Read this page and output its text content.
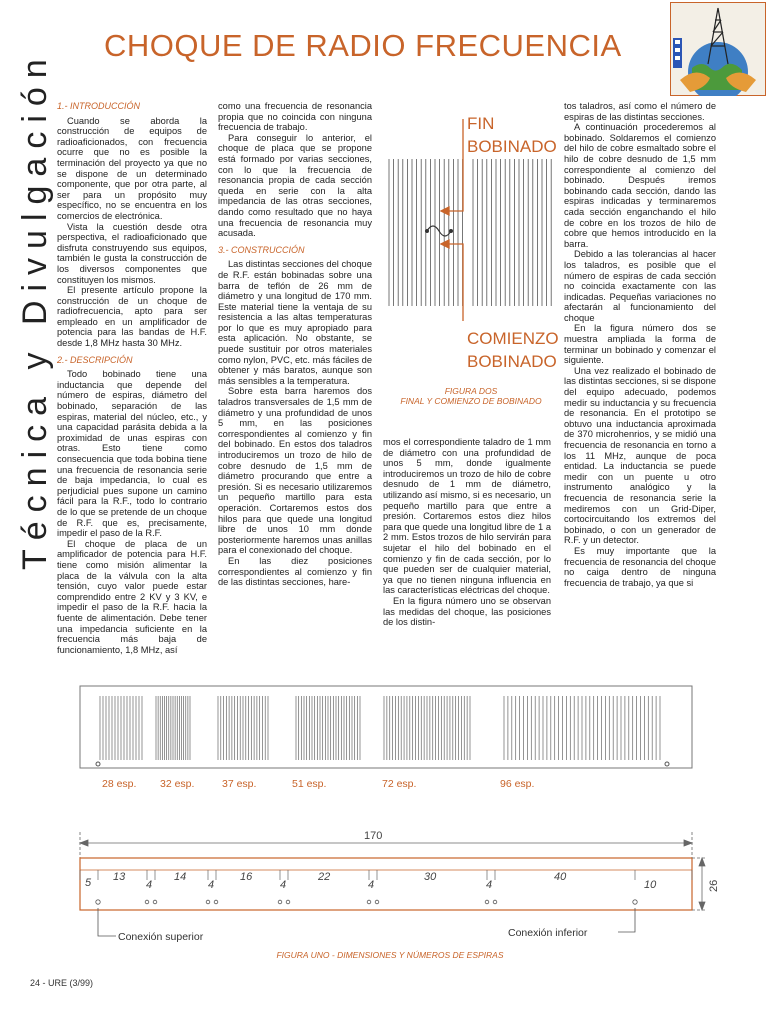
Técnica y Divulgación
CHOQUE DE RADIO FRECUENCIA

1.- INTRODUCCIÓN

Cuando se aborda la construcción de equipos de radioaficionados, con frecuencia ocurre que no es posible la terminación del proyecto ya que no se dispone de un determinado componente, que por otra parte, al ser para un propósito muy específico, no se encuentra en los comercios de electrónica.

Vista la cuestión desde otra perspectiva, el radioaficionado que disfruta construyendo sus equipos, también le gusta la construcción de los diversos componentes que constituyen los mismos.

El presente artículo propone la construcción de un choque de radiofrecuencia, apto para ser empleado en un amplificador de potencia para las bandas de H.F. desde 1,8 MHz hasta 30 MHz.

2.- DESCRIPCIÓN

Todo bobinado tiene una inductancia que depende del número de espiras, diámetro del bobinado, separación de las espiras, material del núcleo, etc., y una capacidad parásita debida a la proximidad de unas espiras con otras. Esto tiene como consecuencia que toda bobina tiene una frecuencia de resonancia serie de baja impedancia, lo cual es perjudicial pues supone un camino fácil para la R.F., todo lo contrario de lo que se pretende de un choque de R.F. que es, precisamente, impedir el paso de la R.F.

El choque de placa de un amplificador de potencia para H.F. tiene como misión alimentar la placa de la válvula con la alta tensión, cuyo valor puede estar comprendido entre 2 KV y 3 KV, e impedir el paso de la R.F. hacia la fuente de alimentación. Debe tener una impedancia suficiente en la frecuencia más baja de funcionamiento, 1,8 MHz, así

como una frecuencia de resonancia propia que no coincida con ninguna frecuencia de trabajo.

Para conseguir lo anterior, el choque de placa que se propone está formado por varias secciones, con lo que la frecuencia de resonancia propia de cada sección queda en serie con la alta impedancia de las otras secciones, dando como resultado que no haya una frecuencia de resonancia muy acusada.

3.- CONSTRUCCIÓN

Las distintas secciones del choque de R.F. están bobinadas sobre una barra de teflón de 26 mm de diámetro y una longitud de 170 mm. Este material tiene la ventaja de su resistencia a las altas temperaturas por lo que es muy apropiado para esta aplicación. No obstante, se puede sustituir por otros materiales como nylon, PVC, etc. más fáciles de obtener y más baratos, aunque son más sensibles a la temperatura.

Sobre esta barra haremos dos taladros transversales de 1,5 mm de diámetro y una profundidad de unos 5 mm, en las posiciones correspondientes al comienzo y fin del bobinado. En estos dos taladros introduciremos un trozo de hilo de cobre desnudo de 1,5 mm de diámetro procurando que entre a presión. Si es necesario utilizaremos un pequeño martillo para esta operación. Cortaremos estos dos hilos para que quede una longitud libre de unos 10 mm donde posteriormente haremos unas anillas para el conexionado del choque.

En las diez posiciones correspondientes al comienzo y fin de las distintas secciones, hare-

FIN
BOBINADO
COMIENZO
BOBINADO
FIGURA DOS
FINAL Y COMIENZO DE BOBINADO

mos el correspondiente taladro de 1 mm de diámetro con una profundidad de unos 5 mm, donde igualmente introduciremos un trozo de hilo de cobre desnudo de 1 mm de diámetro, utilizando así mismo, si es necesario, un pequeño martillo para que entre a presión. Cortaremos estos diez hilos para que quede una longitud libre de 1 a 2 mm. Estos trozos de hilo servirán para sujetar el hilo del bobinado en el comienzo y fin de cada sección, por lo que pueden ser de cualquier material, ya que no tienen ninguna influencia en las características eléctricas del choque.

En la figura número uno se observan las medidas del choque, las posiciones de los distin-

tos taladros, así como el número de espiras de las distintas secciones.

A continuación procederemos al bobinado. Soldaremos el comienzo del hilo de cobre esmaltado sobre el hilo de cobre desnudo de 1,5 mm correspondiente al comienzo del bobinado. Después iremos bobinando cada sección, dando las espiras indicadas y terminaremos cada sección enganchando el hilo de cobre en los trozos de hilo de cobre que hemos introducido en la barra.

Debido a las tolerancias al hacer los taladros, es posible que el número de espiras de cada sección no coincida exactamente con las indicadas. Pequeñas variaciones no afectarán al funcionamiento del choque

En la figura número dos se muestra ampliada la forma de terminar un bobinado y comenzar el siguiente.

Una vez realizado el bobinado de las distintas secciones, si se dispone del equipo adecuado, podemos medir su inductancia y su frecuencia de resonancia. En el prototipo se obtuvo una inductancia aproximada de 370 microhenrios, y se midió una frecuencia de resonancia en torno a los 11 MHz, aunque de poca entidad. La inductancia se puede medir con un puente u otro instrumento analógico y la frecuencia de resonancia serie la mediremos con un Grid-Diper, cortocircuitando los extremos del bobinado, o con un generador de R.F. y un detector.

Es muy importante que la frecuencia de resonancia del choque no caiga dentro de ninguna frecuencia de trabajo, ya que si

28 esp. 32 esp.	37 esp.	51 esp.	72 esp.	96 esp.
170
5 13
4
14
4
16
4
22
4
30
4
40
10	26
Conexión superior	Conexión inferior
FIGURA UNO - DIMENSIONES Y NÚMEROS DE ESPIRAS
24 - URE (3/99)
